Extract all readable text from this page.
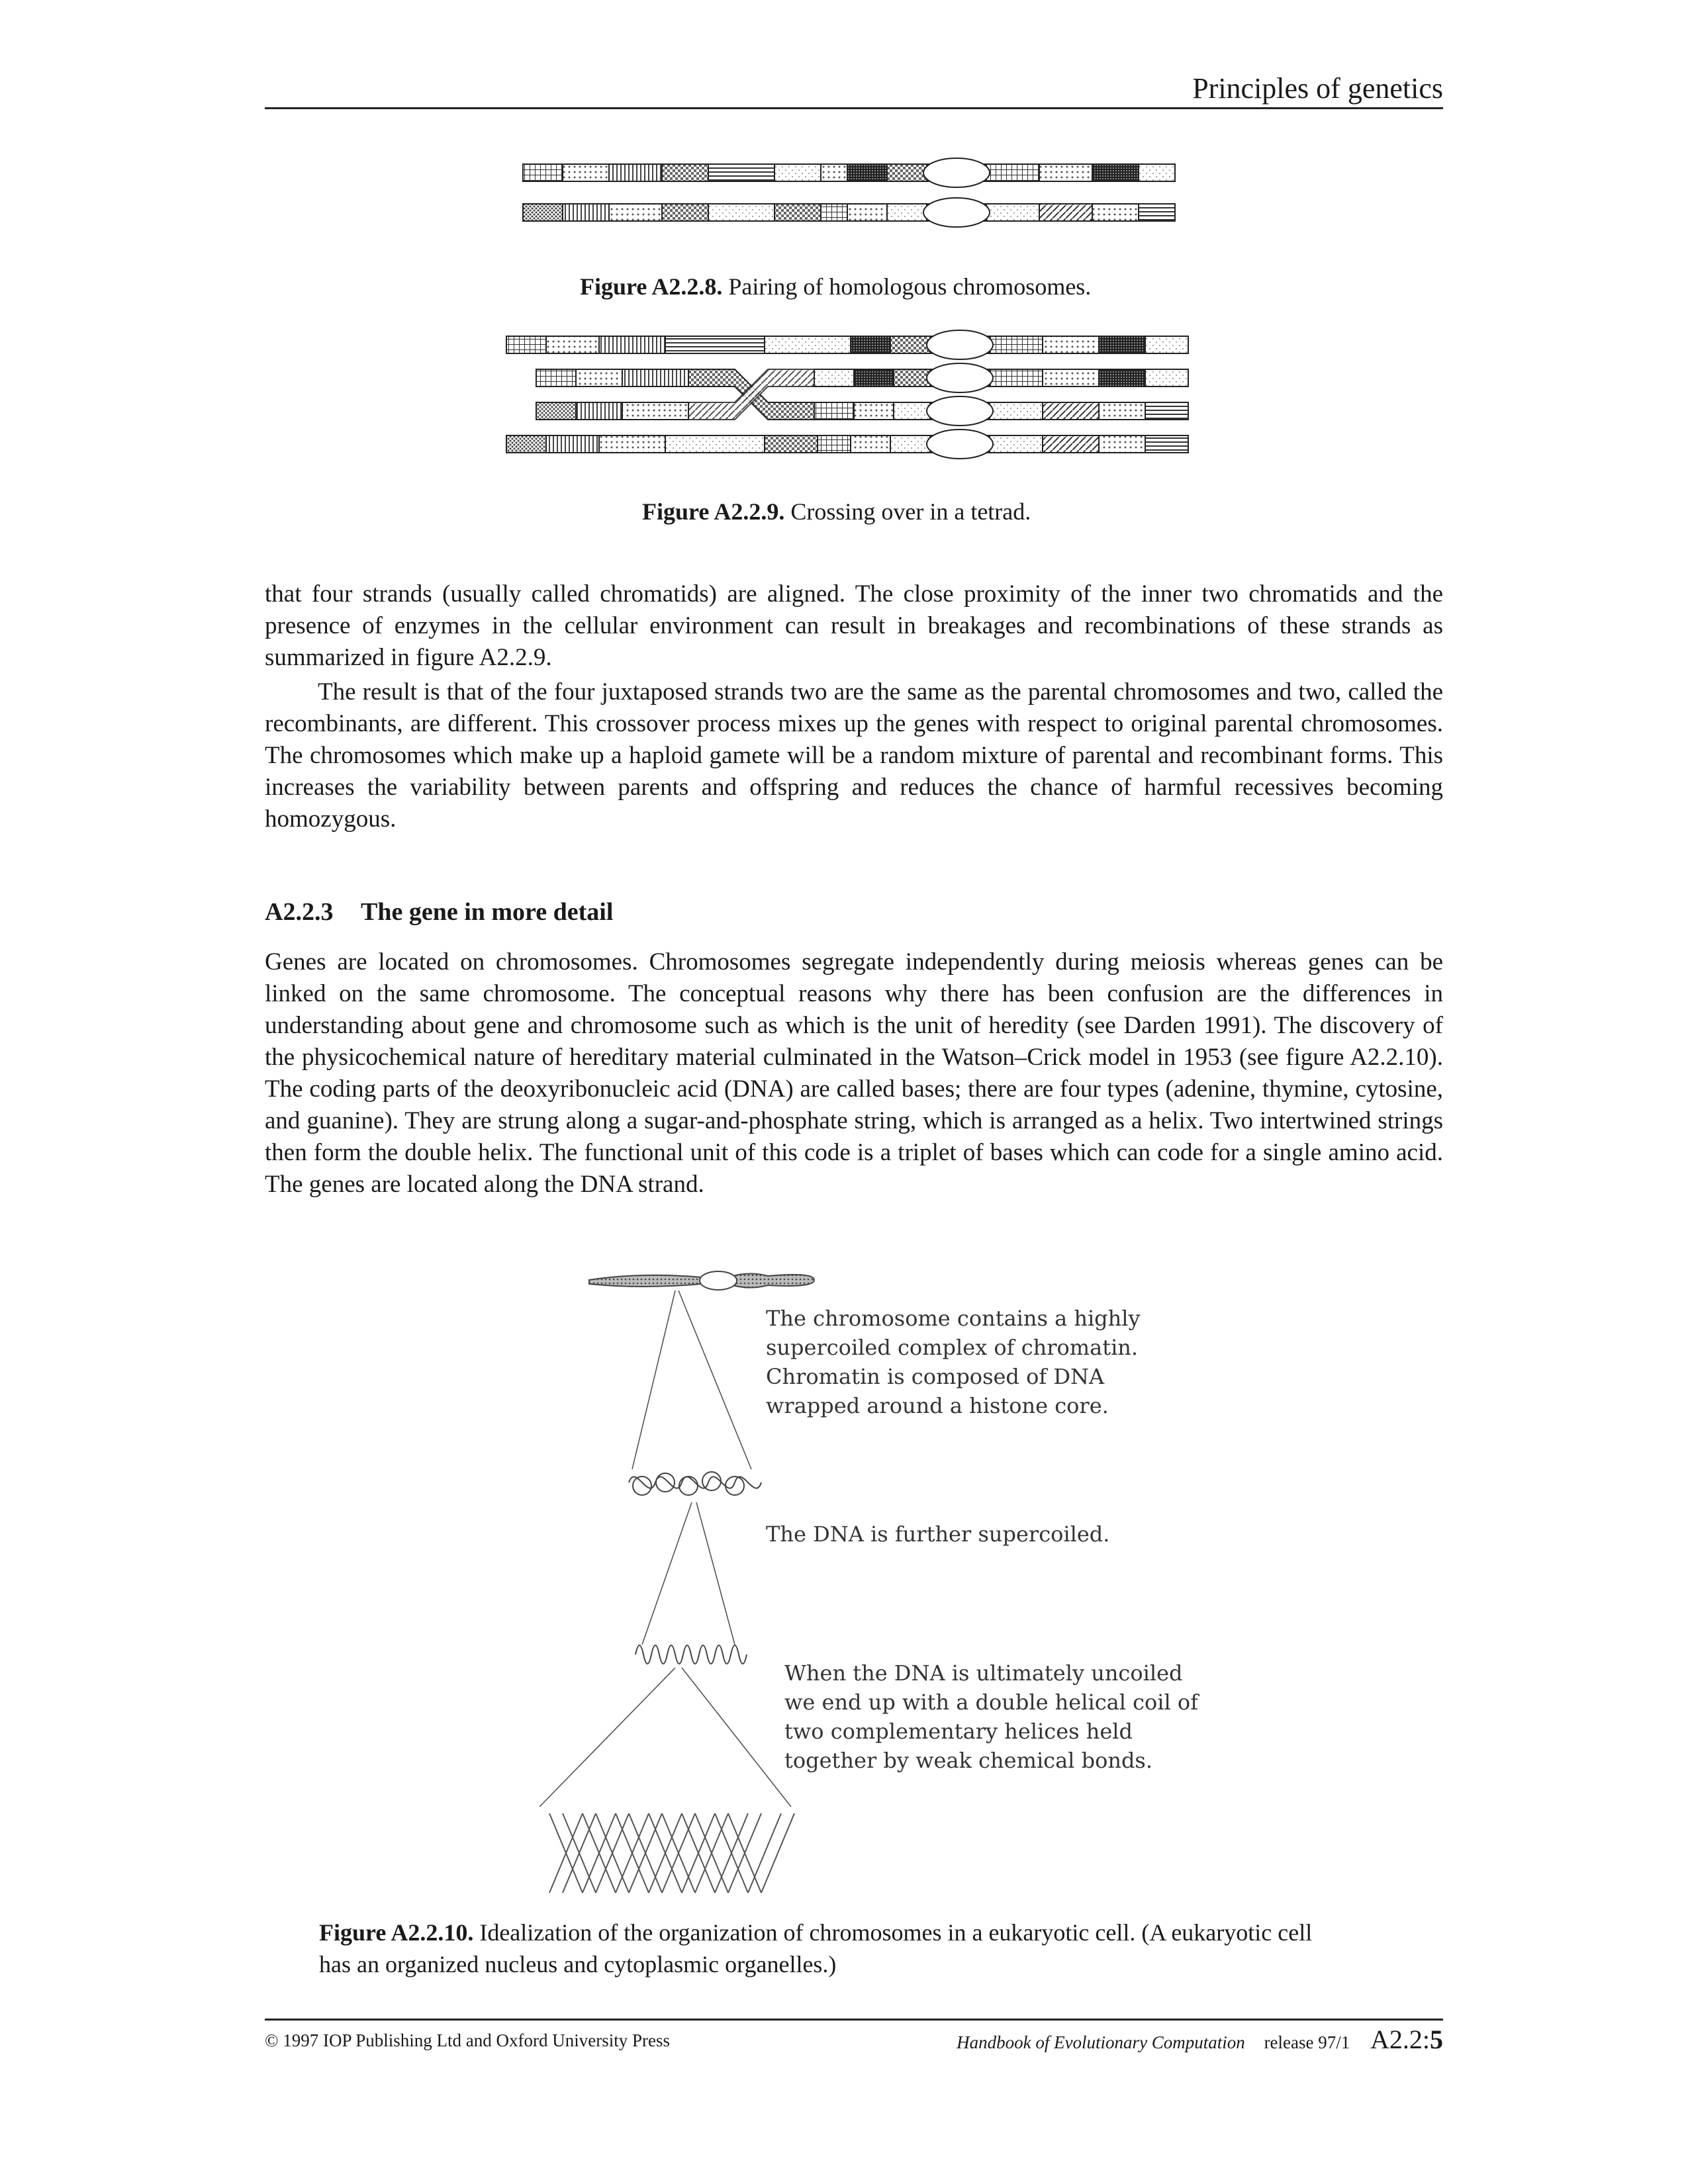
Principles of genetics
Figure A2.2.8. Pairing of homologous chromosomes.
Figure A2.2.9. Crossing over in a tetrad.
that four strands (usually called chromatids) are aligned. The close proximity of the inner two chromatids and the presence of enzymes in the cellular environment can result in breakages and recombinations of these strands as summarized in figure A2.2.9.
The result is that of the four juxtaposed strands two are the same as the parental chromosomes and two, called the recombinants, are different. This crossover process mixes up the genes with respect to original parental chromosomes. The chromosomes which make up a haploid gamete will be a random mixture of parental and recombinant forms. This increases the variability between parents and offspring and reduces the chance of harmful recessives becoming homozygous.
A2.2.3 The gene in more detail
Genes are located on chromosomes. Chromosomes segregate independently during meiosis whereas genes can be linked on the same chromosome. The conceptual reasons why there has been confusion are the differences in understanding about gene and chromosome such as which is the unit of heredity (see Darden 1991). The discovery of the physicochemical nature of hereditary material culminated in the Watson–Crick model in 1953 (see figure A2.2.10). The coding parts of the deoxyribonucleic acid (DNA) are called bases; there are four types (adenine, thymine, cytosine, and guanine). They are strung along a sugar-and-phosphate string, which is arranged as a helix. Two intertwined strings then form the double helix. The functional unit of this code is a triplet of bases which can code for a single amino acid. The genes are located along the DNA strand.
The chromosome contains a highly
supercoiled complex of chromatin.
Chromatin is composed of DNA
wrapped around a histone core.
The DNA is further supercoiled.
When the DNA is ultimately uncoiled
we end up with a double helical coil of
two complementary helices held
together by weak chemical bonds.
Figure A2.2.10. Idealization of the organization of chromosomes in a eukaryotic cell. (A eukaryotic cell
has an organized nucleus and cytoplasmic organelles.)
© 1997 IOP Publishing Ltd and Oxford University Press	Handbook of Evolutionary Computation release 97/1 A2.2:5
